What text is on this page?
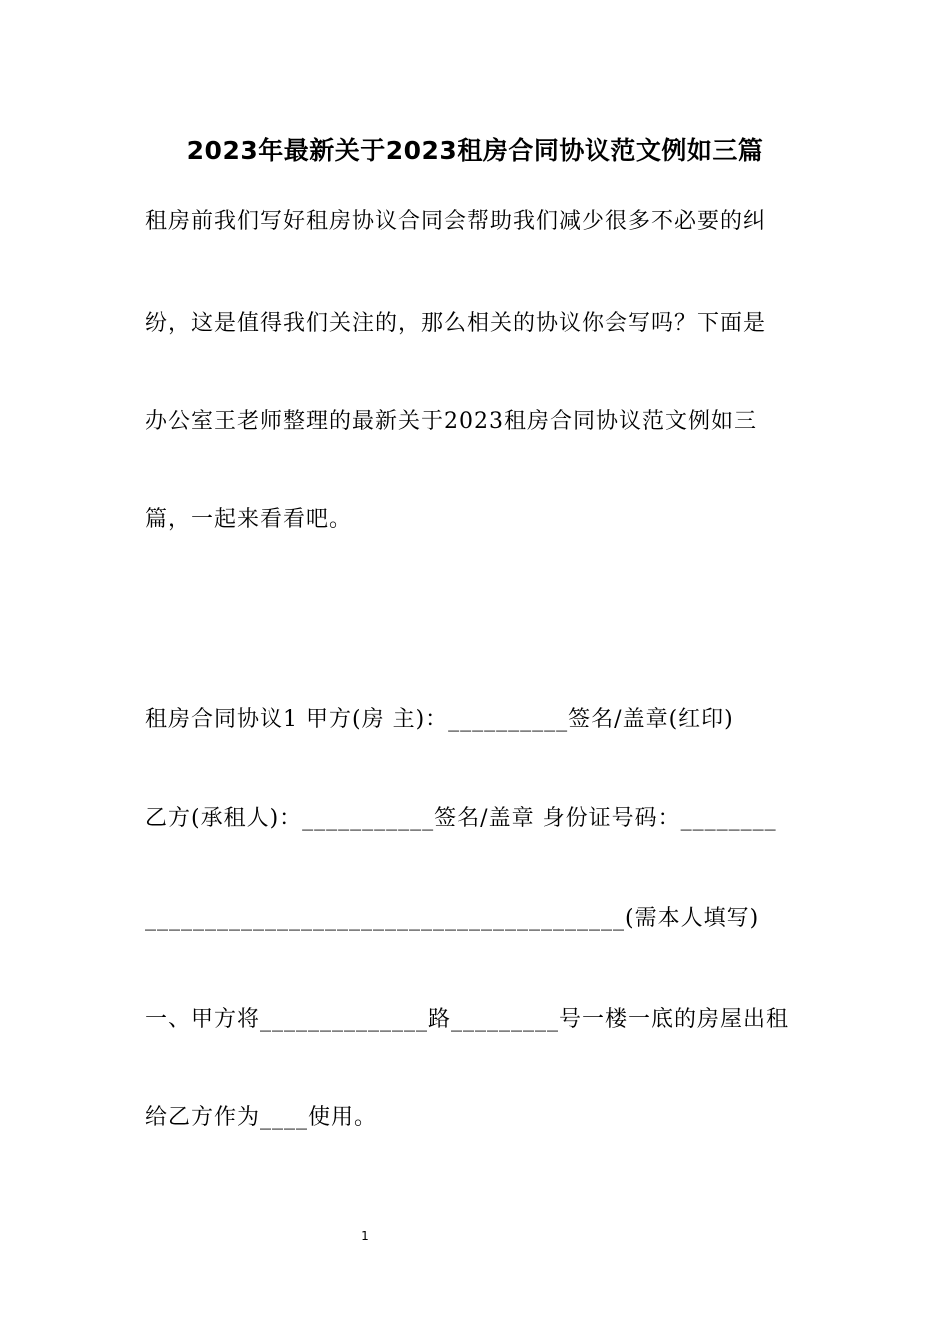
2023年最新关于2023租房合同协议范文例如三篇
租房前我们写好租房协议合同会帮助我们减少很多不必要的纠
纷，这是值得我们关注的，那么相关的协议你会写吗？下面是
办公室王老师整理的最新关于2023租房合同协议范文例如三
篇，一起来看看吧。
租房合同协议1 甲方(房 主)：__________签名/盖章(红印)
乙方(承租人)：___________签名/盖章 身份证号码：________
________________________________________(需本人填写)
一、甲方将______________路_________号一楼一底的房屋出租
给乙方作为____使用。
1
